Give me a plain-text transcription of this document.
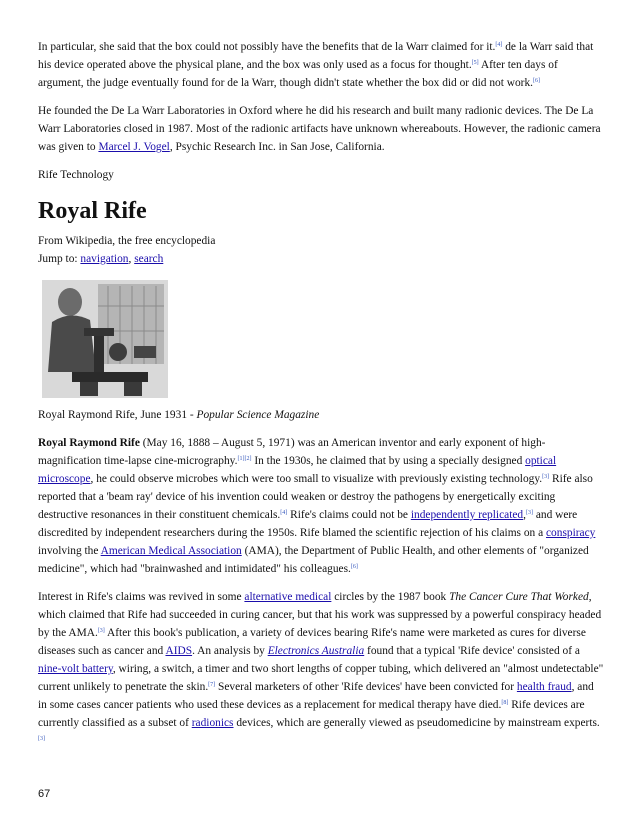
In particular, she said that the box could not possibly have the benefits that de la Warr claimed for it.[4] de la Warr said that his device operated above the physical plane, and the box was only used as a focus for thought.[5] After ten days of argument, the judge eventually found for de la Warr, though didn't state whether the box did or did not work.[6]

He founded the De La Warr Laboratories in Oxford where he did his research and built many radionic devices. The De La Warr Laboratories closed in 1987. Most of the radionic artifacts have unknown whereabouts. However, the radionic camera was given to Marcel J. Vogel, Psychic Research Inc. in San Jose, California.

Rife Technology

Royal Rife

From Wikipedia, the free encyclopedia

Jump to: navigation, search

Royal Raymond Rife, June 1931 - Popular Science Magazine

Royal Raymond Rife (May 16, 1888 – August 5, 1971) was an American inventor and early exponent of high-magnification time-lapse cine-micrography.[1][2] In the 1930s, he claimed that by using a specially designed optical microscope, he could observe microbes which were too small to visualize with previously existing technology.[3] Rife also reported that a 'beam ray' device of his invention could weaken or destroy the pathogens by energetically exciting destructive resonances in their constituent chemicals.[4] Rife's claims could not be independently replicated,[3] and were discredited by independent researchers during the 1950s. Rife blamed the scientific rejection of his claims on a conspiracy involving the American Medical Association (AMA), the Department of Public Health, and other elements of "organized medicine", which had "brainwashed and intimidated" his colleagues.[6]

Interest in Rife's claims was revived in some alternative medical circles by the 1987 book The Cancer Cure That Worked, which claimed that Rife had succeeded in curing cancer, but that his work was suppressed by a powerful conspiracy headed by the AMA.[3] After this book's publication, a variety of devices bearing Rife's name were marketed as cures for diverse diseases such as cancer and AIDS. An analysis by Electronics Australia found that a typical 'Rife device' consisted of a nine-volt battery, wiring, a switch, a timer and two short lengths of copper tubing, which delivered an "almost undetectable" current unlikely to penetrate the skin.[7] Several marketers of other 'Rife devices' have been convicted for health fraud, and in some cases cancer patients who used these devices as a replacement for medical therapy have died.[8] Rife devices are currently classified as a subset of radionics devices, which are generally viewed as pseudomedicine by mainstream experts.[3]

67
